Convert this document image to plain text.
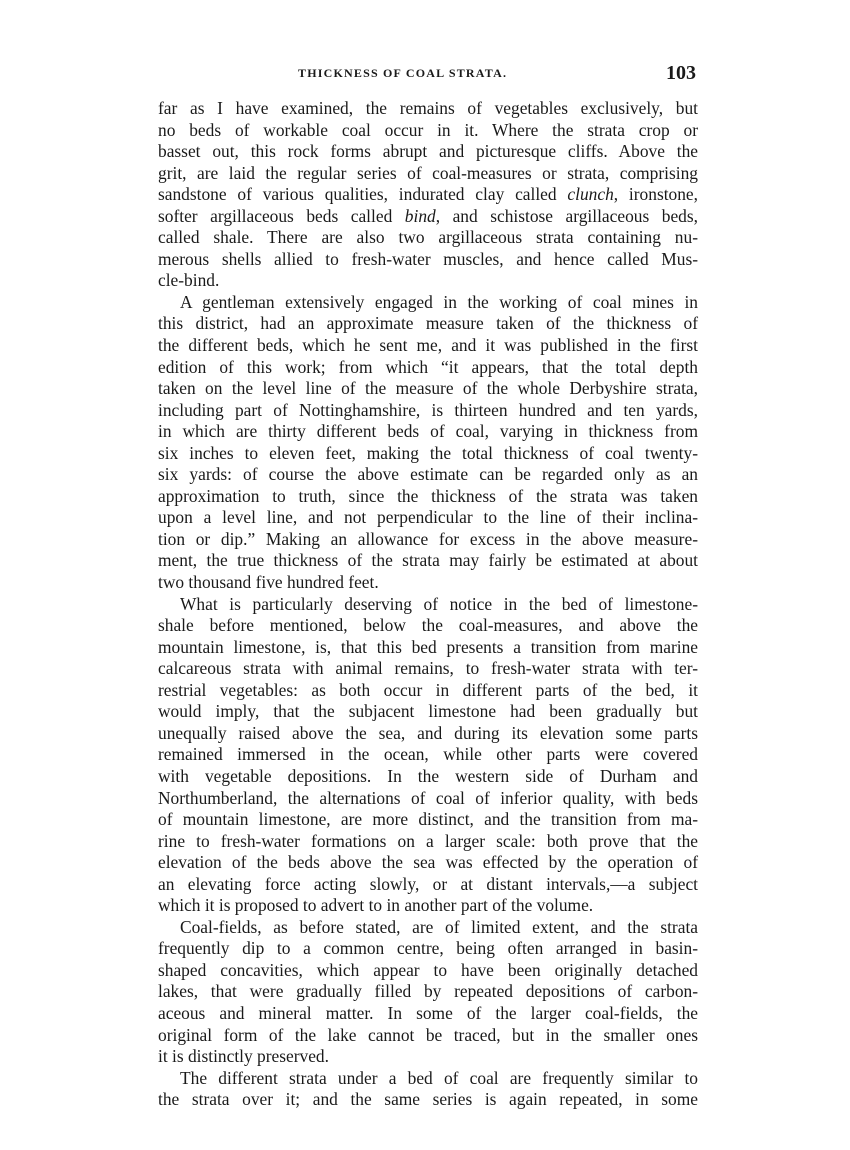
THICKNESS OF COAL STRATA.	103
far as I have examined, the remains of vegetables exclusively, but
no beds of workable coal occur in it. Where the strata crop or
basset out, this rock forms abrupt and picturesque cliffs. Above the
grit, are laid the regular series of coal-measures or strata, comprising
sandstone of various qualities, indurated clay called clunch, ironstone,
softer argillaceous beds called bind, and schistose argillaceous beds,
called shale. There are also two argillaceous strata containing nu-
merous shells allied to fresh-water muscles, and hence called Mus-
cle-bind.
A gentleman extensively engaged in the working of coal mines in
this district, had an approximate measure taken of the thickness of
the different beds, which he sent me, and it was published in the first
edition of this work; from which “it appears, that the total depth
taken on the level line of the measure of the whole Derbyshire strata,
including part of Nottinghamshire, is thirteen hundred and ten yards,
in which are thirty different beds of coal, varying in thickness from
six inches to eleven feet, making the total thickness of coal twenty-
six yards: of course the above estimate can be regarded only as an
approximation to truth, since the thickness of the strata was taken
upon a level line, and not perpendicular to the line of their inclina-
tion or dip.” Making an allowance for excess in the above measure-
ment, the true thickness of the strata may fairly be estimated at about
two thousand five hundred feet.
What is particularly deserving of notice in the bed of limestone-
shale before mentioned, below the coal-measures, and above the
mountain limestone, is, that this bed presents a transition from marine
calcareous strata with animal remains, to fresh-water strata with ter-
restrial vegetables: as both occur in different parts of the bed, it
would imply, that the subjacent limestone had been gradually but
unequally raised above the sea, and during its elevation some parts
remained immersed in the ocean, while other parts were covered
with vegetable depositions. In the western side of Durham and
Northumberland, the alternations of coal of inferior quality, with beds
of mountain limestone, are more distinct, and the transition from ma-
rine to fresh-water formations on a larger scale: both prove that the
elevation of the beds above the sea was effected by the operation of
an elevating force acting slowly, or at distant intervals,—a subject
which it is proposed to advert to in another part of the volume.
Coal-fields, as before stated, are of limited extent, and the strata
frequently dip to a common centre, being often arranged in basin-
shaped concavities, which appear to have been originally detached
lakes, that were gradually filled by repeated depositions of carbon-
aceous and mineral matter. In some of the larger coal-fields, the
original form of the lake cannot be traced, but in the smaller ones
it is distinctly preserved.
The different strata under a bed of coal are frequently similar to
the strata over it; and the same series is again repeated, in some
